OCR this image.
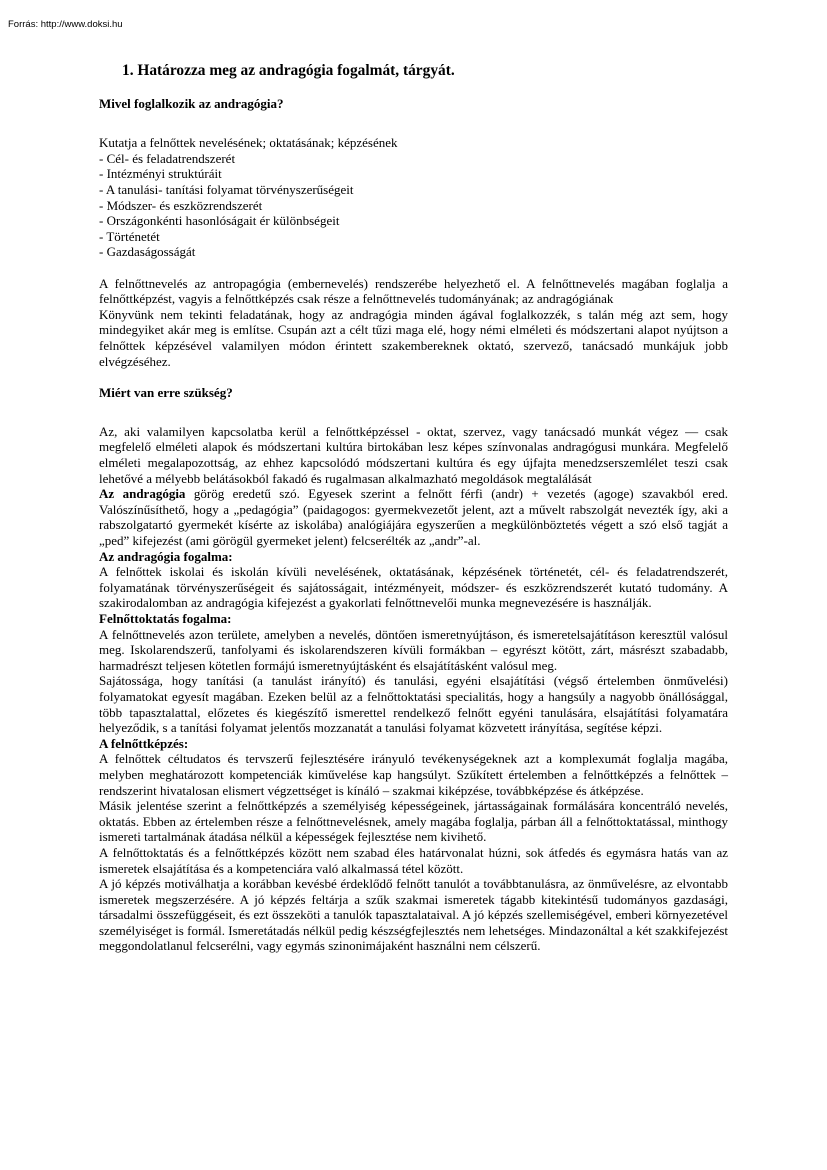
Forrás: http://www.doksi.hu
1. Határozza meg az andragógia fogalmát, tárgyát.

Mivel foglalkozik az andragógia?

Kutatja a felnőttek nevelésének; oktatásának; képzésének

- Cél- és feladatrendszerét

- Intézményi struktúráit

- A tanulási- tanítási folyamat törvényszerűségeit

- Módszer- és eszközrendszerét

- Országonkénti hasonlóságait ér különbségeit

- Történetét

- Gazdaságosságát

A felnőttnevelés az antropagógia (embernevelés) rendszerébe helyezhető el. A felnőttnevelés magában foglalja a felnőttképzést, vagyis a felnőttképzés csak része a felnőttnevelés tudományának; az andragógiának

Könyvünk nem tekinti feladatának, hogy az andragógia minden ágával foglalkozzék, s talán még azt sem, hogy mindegyiket akár meg is említse. Csupán azt a célt tűzi maga elé, hogy némi elméleti és módszertani alapot nyújtson a felnőttek képzésével valamilyen módon érintett szakembereknek oktató, szervező, tanácsadó munkájuk jobb elvégzéséhez.

Miért van erre szükség?

Az, aki valamilyen kapcsolatba kerül a felnőttképzéssel - oktat, szervez, vagy tanácsadó munkát végez — csak megfelelő elméleti alapok és módszertani kultúra birtokában lesz képes színvonalas andragógusi munkára. Megfelelő elméleti megalapozottság, az ehhez kapcsolódó módszertani kultúra és egy újfajta menedzserszemlélet teszi csak lehetővé a mélyebb belátásokból fakadó és rugalmasan alkalmazható megoldások megtalálását

Az andragógia görög eredetű szó. Egyesek szerint a felnőtt férfi (andr) + vezetés (agoge) szavakból ered. Valószínűsíthető, hogy a „pedagógia” (paidagogos: gyermekvezetőt jelent, azt a művelt rabszolgát nevezték így, aki a rabszolgatartó gyermekét kísérte az iskolába) analógiájára egyszerűen a megkülönböztetés végett a szó első tagját a „ped” kifejezést (ami görögül gyermeket jelent) felcserélték az „andr”-al.

Az andragógia fogalma:

A felnőttek iskolai és iskolán kívüli nevelésének, oktatásának, képzésének történetét, cél- és feladatrendszerét, folyamatának törvényszerűségeit és sajátosságait, intézményeit, módszer- és eszközrendszerét kutató tudomány. A szakirodalomban az andragógia kifejezést a gyakorlati felnőttnevelői munka megnevezésére is használják.

Felnőttoktatás fogalma:

A felnőttnevelés azon területe, amelyben a nevelés, döntően ismeretnyújtáson, és ismeretelsajátításon keresztül valósul meg. Iskolarendszerű, tanfolyami és iskolarendszeren kívüli formákban – egyrészt kötött, zárt, másrészt szabadabb, harmadrészt teljesen kötetlen formájú ismeretnyújtásként és elsajátításként valósul meg.

Sajátossága, hogy tanítási (a tanulást irányító) és tanulási, egyéni elsajátítási (végső értelemben önművelési) folyamatokat egyesít magában. Ezeken belül az a felnőttoktatási specialitás, hogy a hangsúly a nagyobb önállósággal, több tapasztalattal, előzetes és kiegészítő ismerettel rendelkező felnőtt egyéni tanulására, elsajátítási folyamatára helyeződik, s a tanítási folyamat jelentős mozzanatát a tanulási folyamat közvetett irányítása, segítése képzi.

A felnőttképzés:

A felnőttek céltudatos és tervszerű fejlesztésére irányuló tevékenységeknek azt a komplexumát foglalja magába, melyben meghatározott kompetenciák kiművelése kap hangsúlyt. Szűkített értelemben a felnőttképzés a felnőttek – rendszerint hivatalosan elismert végzettséget is kínáló – szakmai kiképzése, továbbképzése és átképzése.

Másik jelentése szerint a felnőttképzés a személyiség képességeinek, jártasságainak formálására koncentráló nevelés, oktatás. Ebben az értelemben része a felnőttnevelésnek, amely magába foglalja, párban áll a felnőttoktatással, minthogy ismereti tartalmának átadása nélkül a képességek fejlesztése nem kivihető.

A felnőttoktatás és a felnőttképzés között nem szabad éles határvonalat húzni, sok átfedés és egymásra hatás van az ismeretek elsajátítása és a kompetenciára való alkalmassá tétel között.

A jó képzés motiválhatja a korábban kevésbé érdeklődő felnőtt tanulót a továbbtanulásra, az önművelésre, az elvontabb ismeretek megszerzésére. A jó képzés feltárja a szűk szakmai ismeretek tágabb kitekintésű tudományos gazdasági, társadalmi összefüggéseit, és ezt összeköti a tanulók tapasztalataival. A jó képzés szellemiségével, emberi környezetével személyiséget is formál. Ismeretátadás nélkül pedig készségfejlesztés nem lehetséges. Mindazonáltal a két szakkifejezést meggondolatlanul felcserélni, vagy egymás szinonimájaként használni nem célszerű.
